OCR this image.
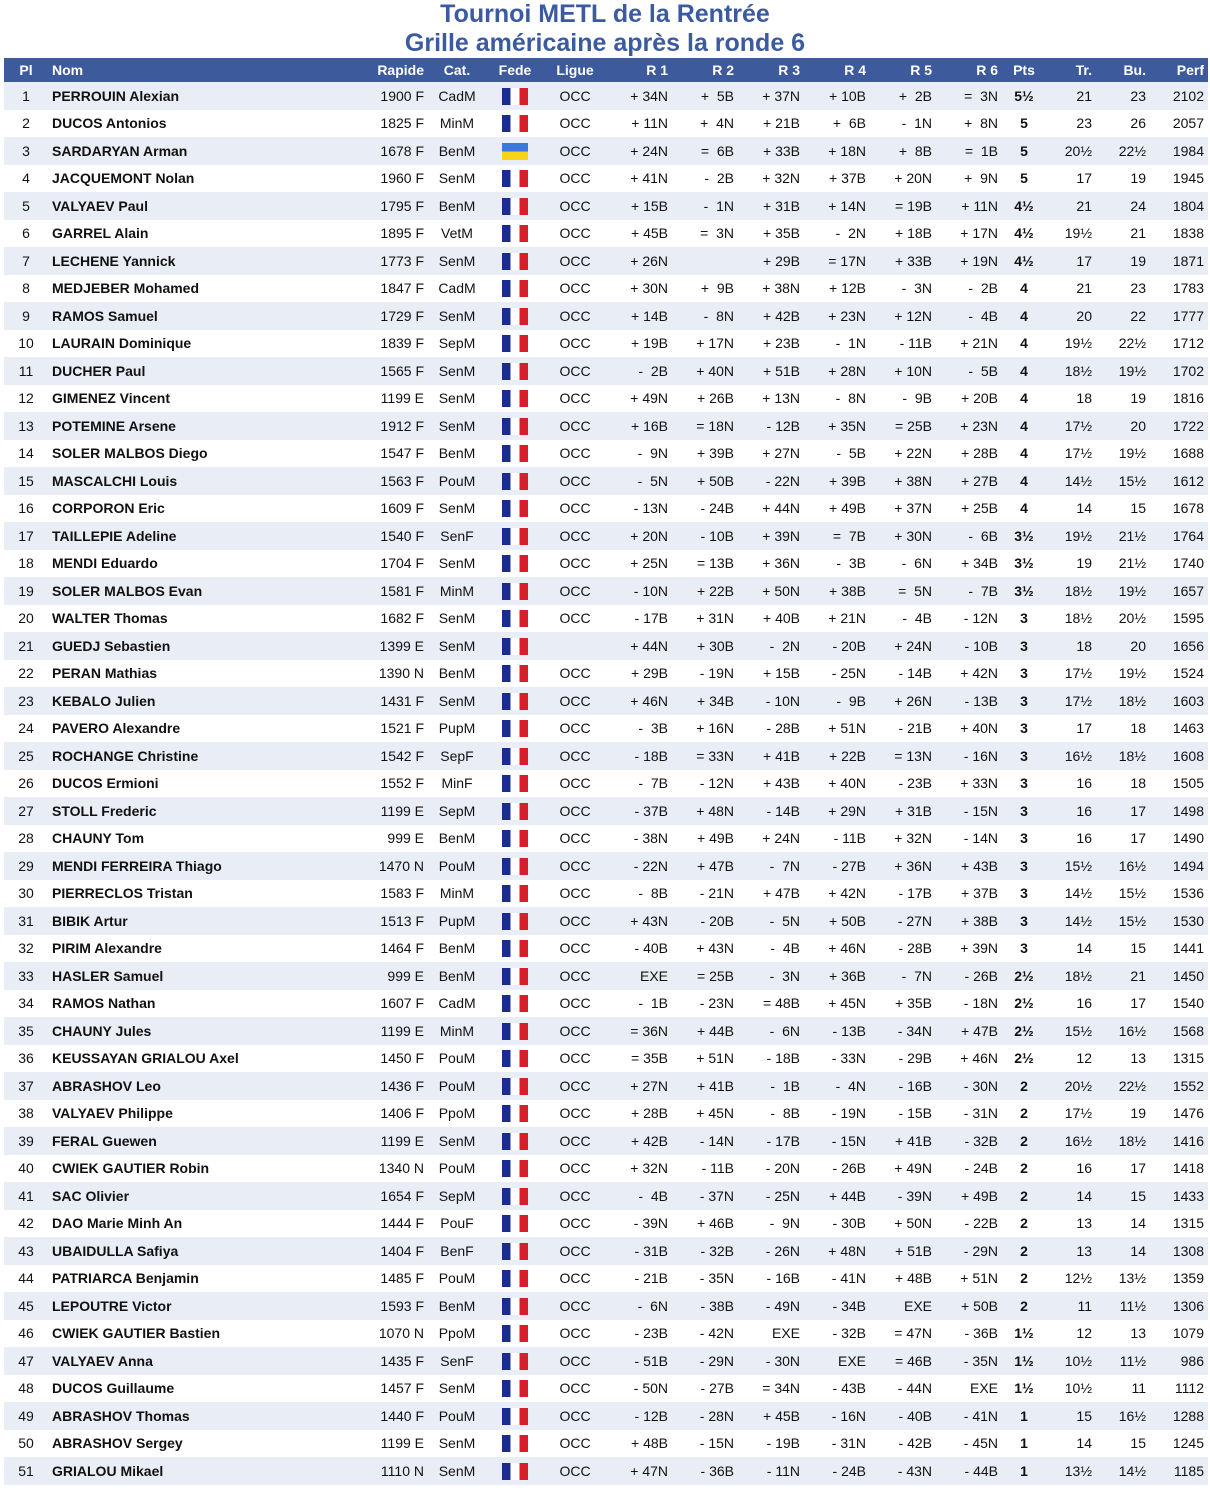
Tournoi METL de la Rentrée
Grille américaine après la ronde 6
Pl	Nom	Rapide	Cat.	Fede	Ligue	R 1	R 2	R 3	R 4	R 5	R 6	Pts	Tr.	Bu.	Perf
1	PERROUIN Alexian	1900 F	CadM		OCC	+ 34N	+  5B	+ 37N	+ 10B	+  2B	=  3N	5½	21	23	2102
2	DUCOS Antonios	1825 F	MinM		OCC	+ 11N	+  4N	+ 21B	+  6B	-  1N	+  8N	5	23	26	2057
3	SARDARYAN Arman	1678 F	BenM		OCC	+ 24N	=  6B	+ 33B	+ 18N	+  8B	=  1B	5	20½	22½	1984
4	JACQUEMONT Nolan	1960 F	SenM		OCC	+ 41N	-  2B	+ 32N	+ 37B	+ 20N	+  9N	5	17	19	1945
5	VALYAEV Paul	1795 F	BenM		OCC	+ 15B	-  1N	+ 31B	+ 14N	= 19B	+ 11N	4½	21	24	1804
6	GARREL Alain	1895 F	VetM		OCC	+ 45B	=  3N	+ 35B	-  2N	+ 18B	+ 17N	4½	19½	21	1838
7	LECHENE Yannick	1773 F	SenM		OCC	+ 26N		+ 29B	= 17N	+ 33B	+ 19N	4½	17	19	1871
8	MEDJEBER Mohamed	1847 F	CadM		OCC	+ 30N	+  9B	+ 38N	+ 12B	-  3N	-  2B	4	21	23	1783
9	RAMOS Samuel	1729 F	SenM		OCC	+ 14B	-  8N	+ 42B	+ 23N	+ 12N	-  4B	4	20	22	1777
10	LAURAIN Dominique	1839 F	SepM		OCC	+ 19B	+ 17N	+ 23B	-  1N	- 11B	+ 21N	4	19½	22½	1712
11	DUCHER Paul	1565 F	SenM		OCC	-  2B	+ 40N	+ 51B	+ 28N	+ 10N	-  5B	4	18½	19½	1702
12	GIMENEZ Vincent	1199 E	SenM		OCC	+ 49N	+ 26B	+ 13N	-  8N	-  9B	+ 20B	4	18	19	1816
13	POTEMINE Arsene	1912 F	SenM		OCC	+ 16B	= 18N	- 12B	+ 35N	= 25B	+ 23N	4	17½	20	1722
14	SOLER MALBOS Diego	1547 F	BenM		OCC	-  9N	+ 39B	+ 27N	-  5B	+ 22N	+ 28B	4	17½	19½	1688
15	MASCALCHI Louis	1563 F	PouM		OCC	-  5N	+ 50B	- 22N	+ 39B	+ 38N	+ 27B	4	14½	15½	1612
16	CORPORON Eric	1609 F	SenM		OCC	- 13N	- 24B	+ 44N	+ 49B	+ 37N	+ 25B	4	14	15	1678
17	TAILLEPIE Adeline	1540 F	SenF		OCC	+ 20N	- 10B	+ 39N	=  7B	+ 30N	-  6B	3½	19½	21½	1764
18	MENDI Eduardo	1704 F	SenM		OCC	+ 25N	= 13B	+ 36N	-  3B	-  6N	+ 34B	3½	19	21½	1740
19	SOLER MALBOS Evan	1581 F	MinM		OCC	- 10N	+ 22B	+ 50N	+ 38B	=  5N	-  7B	3½	18½	19½	1657
20	WALTER Thomas	1682 F	SenM		OCC	- 17B	+ 31N	+ 40B	+ 21N	-  4B	- 12N	3	18½	20½	1595
21	GUEDJ Sebastien	1399 E	SenM			+ 44N	+ 30B	-  2N	- 20B	+ 24N	- 10B	3	18	20	1656
22	PERAN Mathias	1390 N	BenM		OCC	+ 29B	- 19N	+ 15B	- 25N	- 14B	+ 42N	3	17½	19½	1524
23	KEBALO Julien	1431 F	SenM		OCC	+ 46N	+ 34B	- 10N	-  9B	+ 26N	- 13B	3	17½	18½	1603
24	PAVERO Alexandre	1521 F	PupM		OCC	-  3B	+ 16N	- 28B	+ 51N	- 21B	+ 40N	3	17	18	1463
25	ROCHANGE Christine	1542 F	SepF		OCC	- 18B	= 33N	+ 41B	+ 22B	= 13N	- 16N	3	16½	18½	1608
26	DUCOS Ermioni	1552 F	MinF		OCC	-  7B	- 12N	+ 43B	+ 40N	- 23B	+ 33N	3	16	18	1505
27	STOLL Frederic	1199 E	SepM		OCC	- 37B	+ 48N	- 14B	+ 29N	+ 31B	- 15N	3	16	17	1498
28	CHAUNY Tom	999 E	BenM		OCC	- 38N	+ 49B	+ 24N	- 11B	+ 32N	- 14N	3	16	17	1490
29	MENDI FERREIRA Thiago	1470 N	PouM		OCC	- 22N	+ 47B	-  7N	- 27B	+ 36N	+ 43B	3	15½	16½	1494
30	PIERRECLOS Tristan	1583 F	MinM		OCC	-  8B	- 21N	+ 47B	+ 42N	- 17B	+ 37B	3	14½	15½	1536
31	BIBIK Artur	1513 F	PupM		OCC	+ 43N	- 20B	-  5N	+ 50B	- 27N	+ 38B	3	14½	15½	1530
32	PIRIM Alexandre	1464 F	BenM		OCC	- 40B	+ 43N	-  4B	+ 46N	- 28B	+ 39N	3	14	15	1441
33	HASLER Samuel	999 E	BenM		OCC	EXE	= 25B	-  3N	+ 36B	-  7N	- 26B	2½	18½	21	1450
34	RAMOS Nathan	1607 F	CadM		OCC	-  1B	- 23N	= 48B	+ 45N	+ 35B	- 18N	2½	16	17	1540
35	CHAUNY Jules	1199 E	MinM		OCC	= 36N	+ 44B	-  6N	- 13B	- 34N	+ 47B	2½	15½	16½	1568
36	KEUSSAYAN GRIALOU Axel	1450 F	PouM		OCC	= 35B	+ 51N	- 18B	- 33N	- 29B	+ 46N	2½	12	13	1315
37	ABRASHOV Leo	1436 F	PouM		OCC	+ 27N	+ 41B	-  1B	-  4N	- 16B	- 30N	2	20½	22½	1552
38	VALYAEV Philippe	1406 F	PpoM		OCC	+ 28B	+ 45N	-  8B	- 19N	- 15B	- 31N	2	17½	19	1476
39	FERAL Guewen	1199 E	SenM		OCC	+ 42B	- 14N	- 17B	- 15N	+ 41B	- 32B	2	16½	18½	1416
40	CWIEK GAUTIER Robin	1340 N	PouM		OCC	+ 32N	- 11B	- 20N	- 26B	+ 49N	- 24B	2	16	17	1418
41	SAC Olivier	1654 F	SepM		OCC	-  4B	- 37N	- 25N	+ 44B	- 39N	+ 49B	2	14	15	1433
42	DAO Marie Minh An	1444 F	PouF		OCC	- 39N	+ 46B	-  9N	- 30B	+ 50N	- 22B	2	13	14	1315
43	UBAIDULLA Safiya	1404 F	BenF		OCC	- 31B	- 32B	- 26N	+ 48N	+ 51B	- 29N	2	13	14	1308
44	PATRIARCA Benjamin	1485 F	PouM		OCC	- 21B	- 35N	- 16B	- 41N	+ 48B	+ 51N	2	12½	13½	1359
45	LEPOUTRE Victor	1593 F	BenM		OCC	-  6N	- 38B	- 49N	- 34B	EXE	+ 50B	2	11	11½	1306
46	CWIEK GAUTIER Bastien	1070 N	PpoM		OCC	- 23B	- 42N	EXE	- 32B	= 47N	- 36B	1½	12	13	1079
47	VALYAEV Anna	1435 F	SenF		OCC	- 51B	- 29N	- 30N	EXE	= 46B	- 35N	1½	10½	11½	986
48	DUCOS Guillaume	1457 F	SenM		OCC	- 50N	- 27B	= 34N	- 43B	- 44N	EXE	1½	10½	11	1112
49	ABRASHOV Thomas	1440 F	PouM		OCC	- 12B	- 28N	+ 45B	- 16N	- 40B	- 41N	1	15	16½	1288
50	ABRASHOV Sergey	1199 E	SenM		OCC	+ 48B	- 15N	- 19B	- 31N	- 42B	- 45N	1	14	15	1245
51	GRIALOU Mikael	1110 N	SenM		OCC	+ 47N	- 36B	- 11N	- 24B	- 43N	- 44B	1	13½	14½	1185
